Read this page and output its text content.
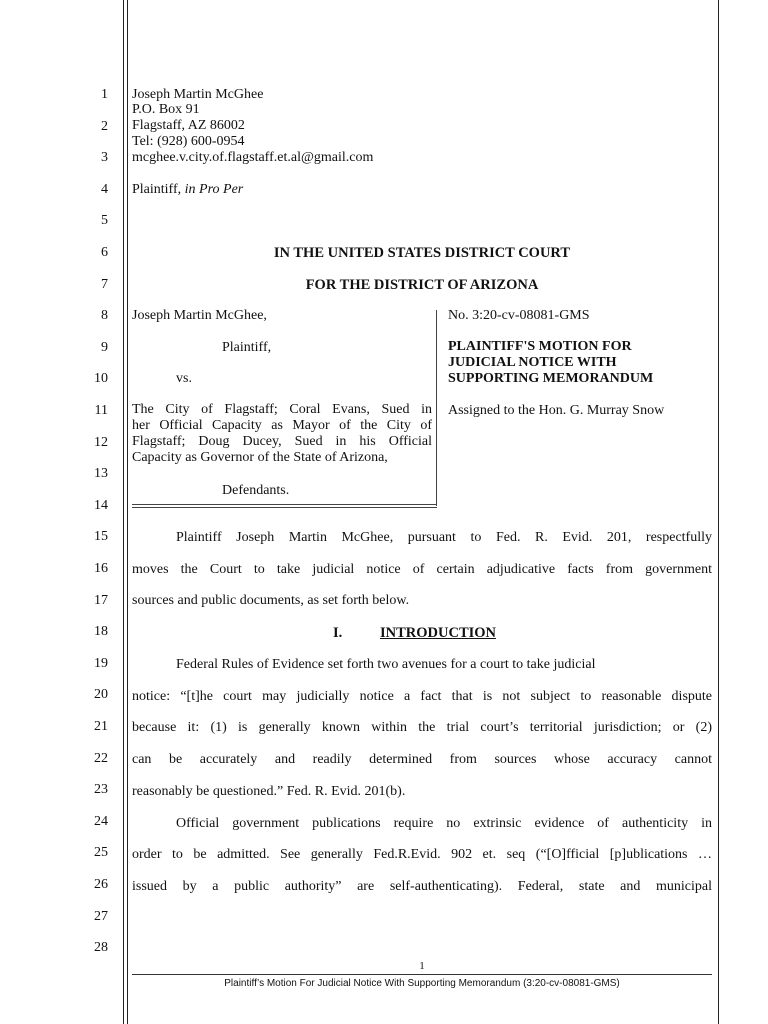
1
2
3
4
5
6
7
8
9
10
11
12
13
14
15
16
17
18
19
20
21
22
23
24
25
26
27
28
Joseph Martin McGhee
P.O. Box 91
Flagstaff, AZ 86002
Tel: (928) 600-0954
mcghee.v.city.of.flagstaff.et.al@gmail.com
Plaintiff, in Pro Per
IN THE UNITED STATES DISTRICT COURT
FOR THE DISTRICT OF ARIZONA
Joseph Martin McGhee,
Plaintiff,
vs.
The City of Flagstaff; Coral Evans, Sued in
her Official Capacity as Mayor of the City of
Flagstaff; Doug Ducey, Sued in his Official
Capacity as Governor of the State of Arizona,
Defendants.
No. 3:20-cv-08081-GMS
PLAINTIFF'S MOTION FOR
JUDICIAL NOTICE WITH
SUPPORTING MEMORANDUM
Assigned to the Hon. G. Murray Snow
Plaintiff Joseph Martin McGhee, pursuant to Fed. R. Evid. 201, respectfully
moves the Court to take judicial notice of certain adjudicative facts from government
sources and public documents, as set forth below.
I.	INTRODUCTION
Federal Rules of Evidence set forth two avenues for a court to take judicial
notice: “[t]he court may judicially notice a fact that is not subject to reasonable dispute
because it: (1) is generally known within the trial court’s territorial jurisdiction; or (2)
can be accurately and readily determined from sources whose accuracy cannot
reasonably be questioned.” Fed. R. Evid. 201(b).
Official government publications require no extrinsic evidence of authenticity in
order to be admitted. See generally Fed.R.Evid. 902 et. seq (“[O]fficial [p]ublications …
issued by a public authority” are self-authenticating). Federal, state and municipal
1
Plaintiff’s Motion For Judicial Notice With Supporting Memorandum (3:20-cv-08081-GMS)
